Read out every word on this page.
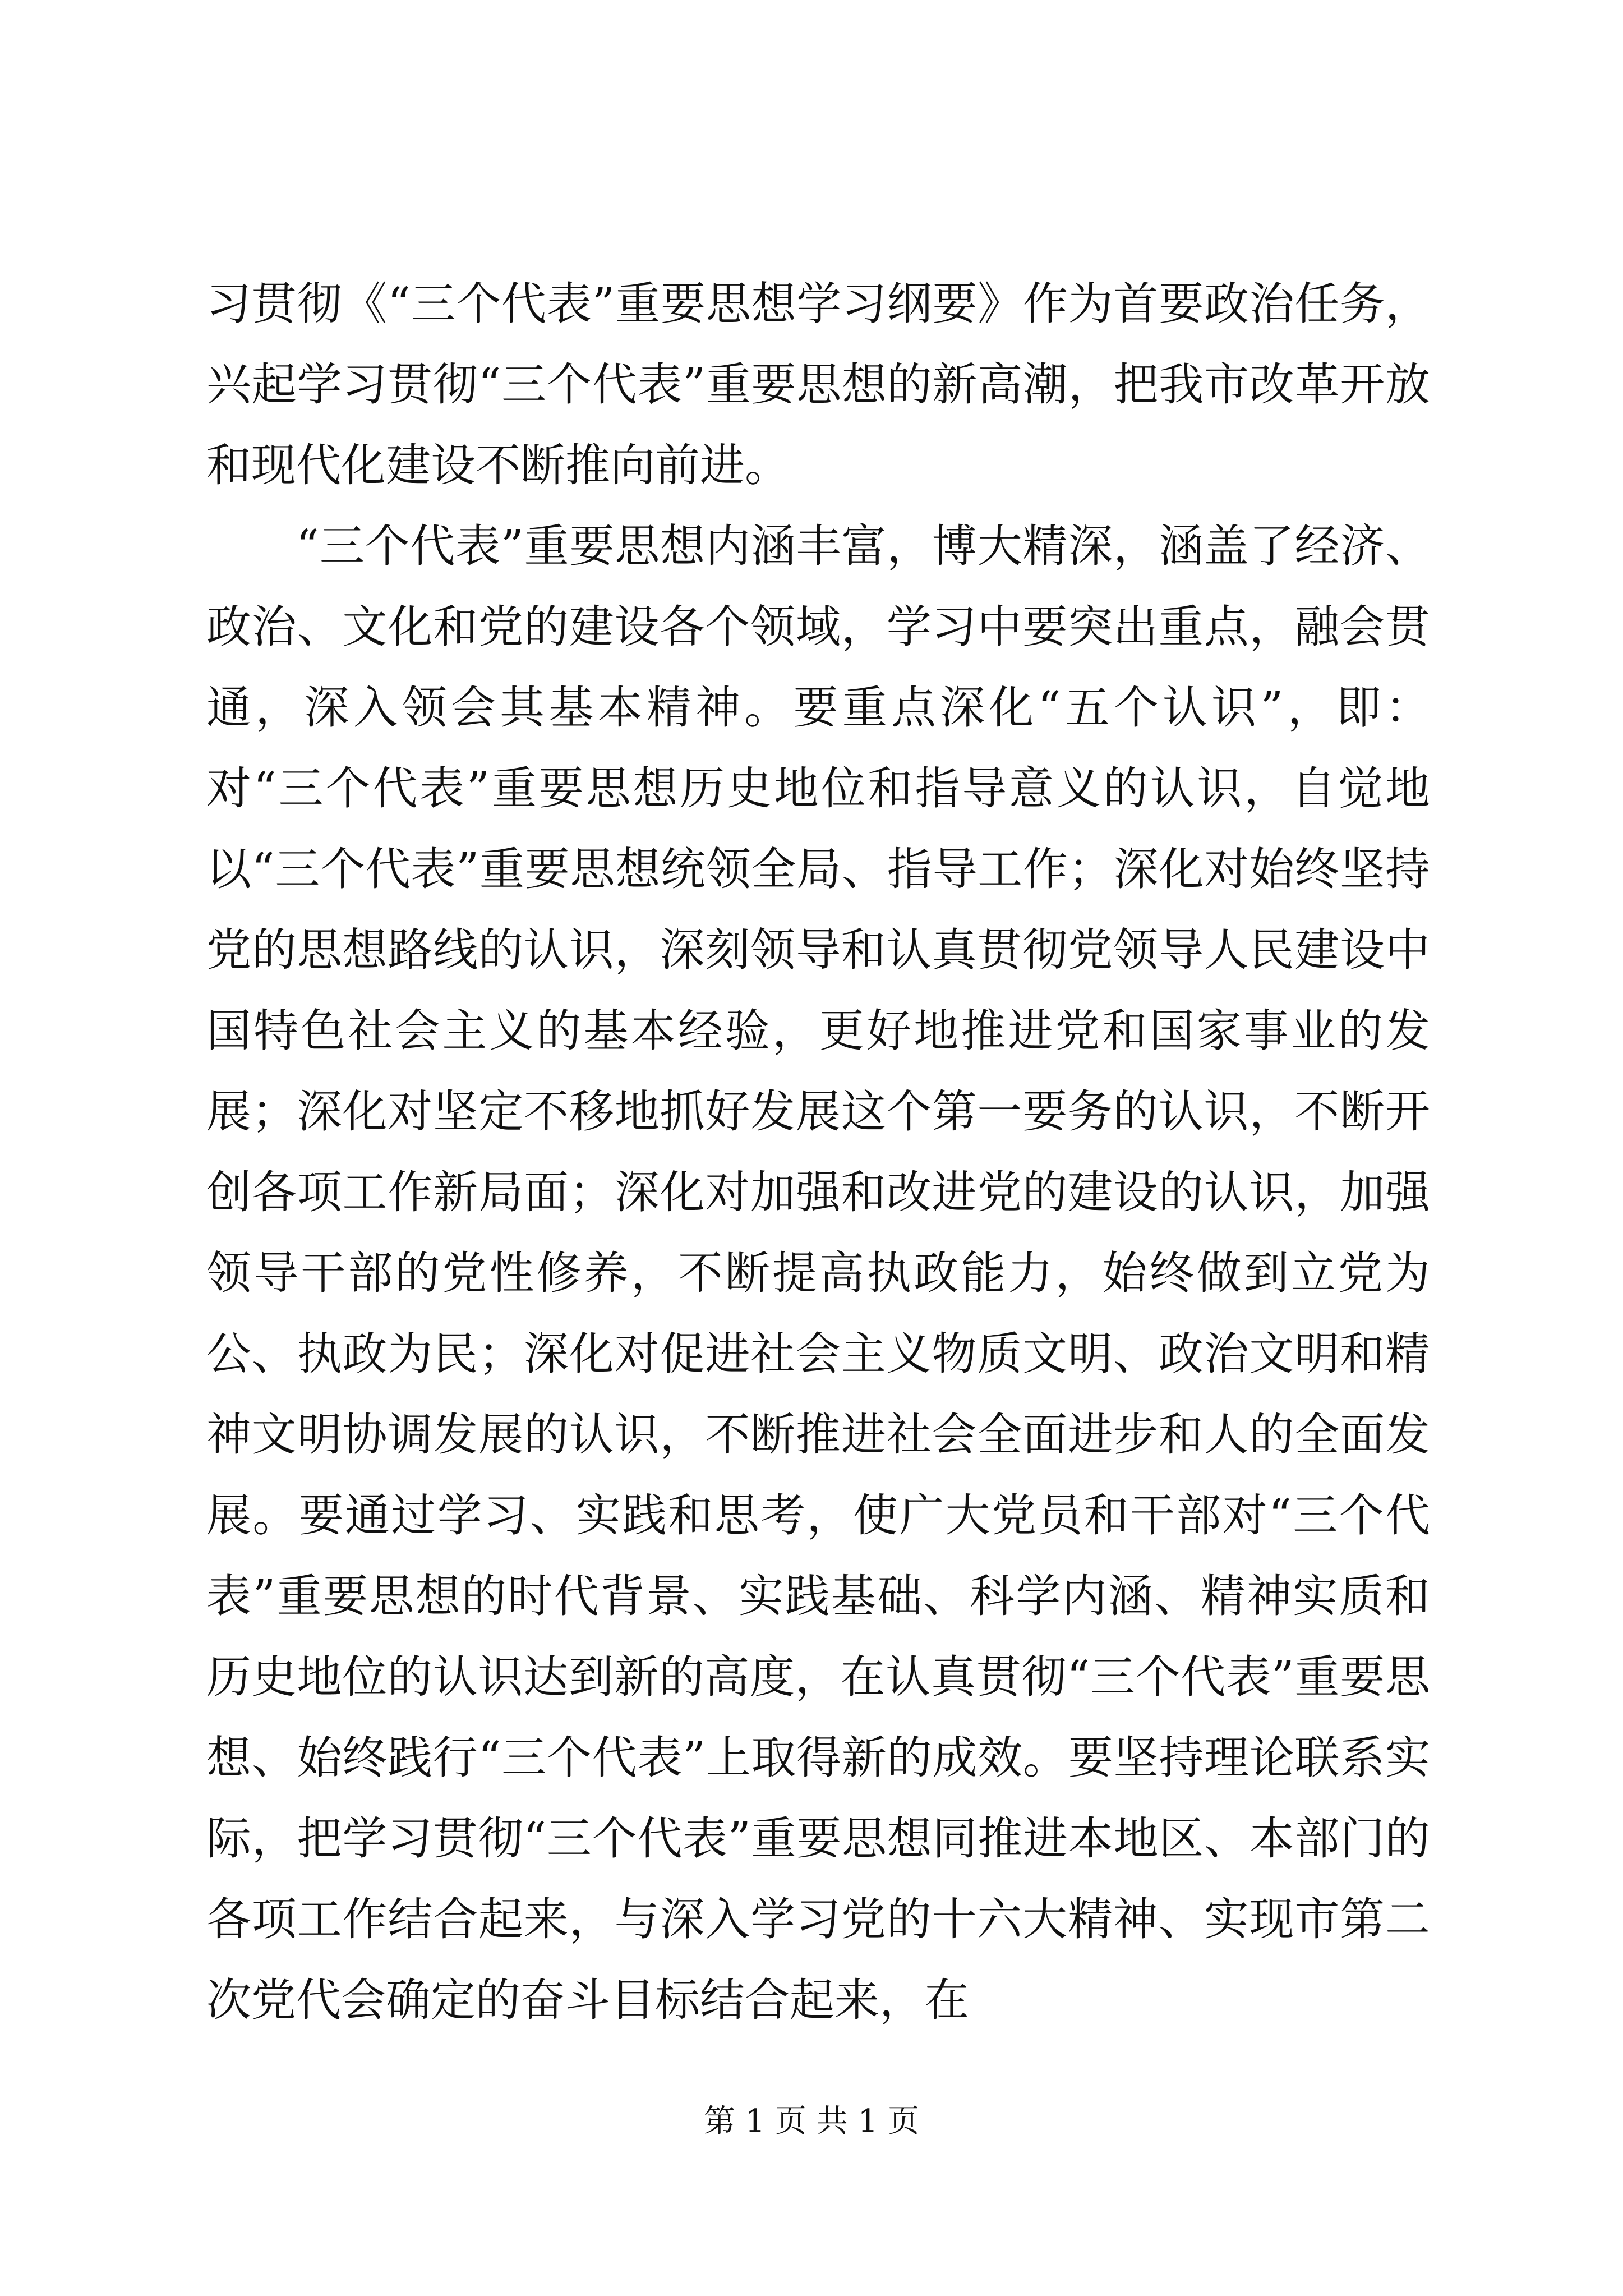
习贯彻《“三个代表”重要思想学习纲要》作为首要政治任务，兴起学习贯彻“三个代表”重要思想的新高潮，把我市改革开放和现代化建设不断推向前进。

“三个代表”重要思想内涵丰富，博大精深，涵盖了经济、政治、文化和党的建设各个领域，学习中要突出重点，融会贯通，深入领会其基本精神。要重点深化“五个认识”，即：对“三个代表”重要思想历史地位和指导意义的认识，自觉地以“三个代表”重要思想统领全局、指导工作；深化对始终坚持党的思想路线的认识，深刻领导和认真贯彻党领导人民建设中国特色社会主义的基本经验，更好地推进党和国家事业的发展；深化对坚定不移地抓好发展这个第一要务的认识，不断开创各项工作新局面；深化对加强和改进党的建设的认识，加强领导干部的党性修养，不断提高执政能力，始终做到立党为公、执政为民；深化对促进社会主义物质文明、政治文明和精神文明协调发展的认识，不断推进社会全面进步和人的全面发展。要通过学习、实践和思考，使广大党员和干部对“三个代表”重要思想的时代背景、实践基础、科学内涵、精神实质和历史地位的认识达到新的高度，在认真贯彻“三个代表”重要思想、始终践行“三个代表”上取得新的成效。要坚持理论联系实际，把学习贯彻“三个代表”重要思想同推进本地区、本部门的各项工作结合起来，与深入学习党的十六大精神、实现市第二次党代会确定的奋斗目标结合起来，在

第 1 页 共 1 页
